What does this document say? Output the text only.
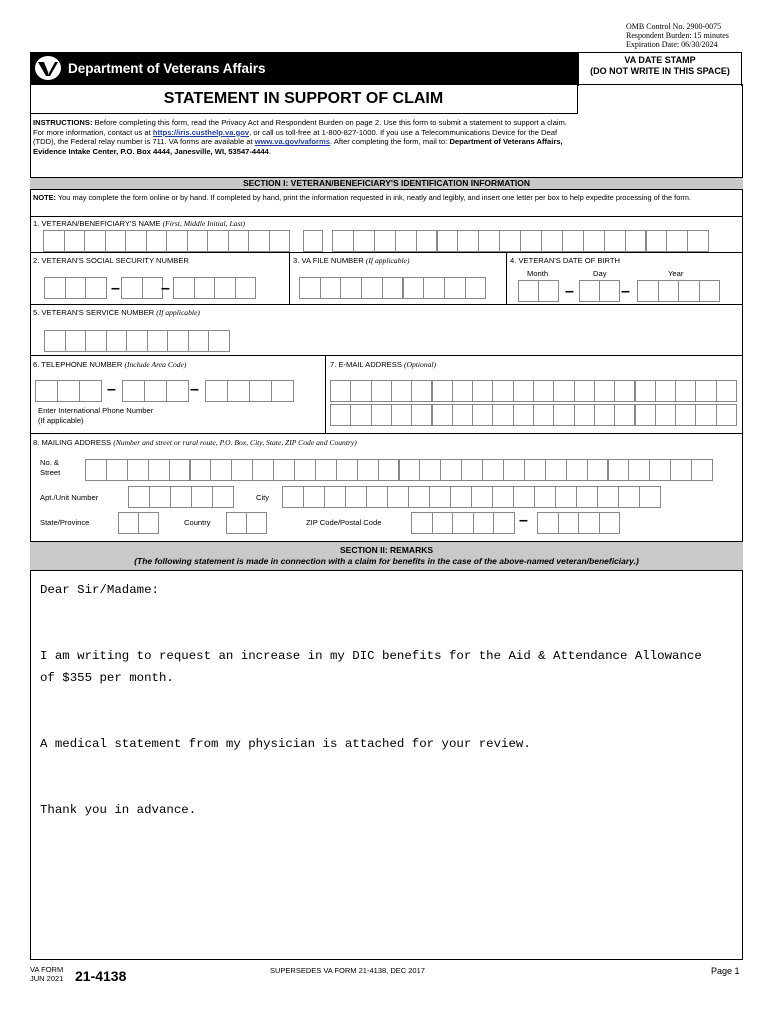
OMB Control No. 2900-0075
Respondent Burden: 15 minutes
Expiration Date: 06/30/2024
Department of Veterans Affairs
VA DATE STAMP
(DO NOT WRITE IN THIS SPACE)
STATEMENT IN SUPPORT OF CLAIM
INSTRUCTIONS: Before completing this form, read the Privacy Act and Respondent Burden on page 2. Use this form to submit a statement to support a claim. For more information, contact us at https://iris.custhelp.va.gov, or call us toll-free at 1-800-827-1000. If you use a Telecommunications Device for the Deaf (TDD), the Federal relay number is 711. VA forms are available at www.va.gov/vaforms. After completing the form, mail to: Department of Veterans Affairs, Evidence Intake Center, P.O. Box 4444, Janesville, WI, 53547-4444.
SECTION I: VETERAN/BENEFICIARY'S IDENTIFICATION INFORMATION
NOTE: You may complete the form online or by hand. If completed by hand, print the information requested in ink, neatly and legibly, and insert one letter per box to help expedite processing of the form.
1. VETERAN/BENEFICIARY'S NAME (First, Middle Initial, Last)
2. VETERAN'S SOCIAL SECURITY NUMBER	3. VA FILE NUMBER (If applicable)	4. VETERAN'S DATE OF BIRTH
Month	Day	Year
–	–	–	–
5. VETERAN'S SERVICE NUMBER (If applicable)
6. TELEPHONE NUMBER (Include Area Code)	7. E-MAIL ADDRESS (Optional)
–	–
Enter International Phone Number
(If applicable)
8. MAILING ADDRESS (Number and street or rural route, P.O. Box, City, State, ZIP Code and Country)
No. &
Street
Apt./Unit Number	City
State/Province	Country	ZIP Code/Postal Code	–
SECTION II: REMARKS
(The following statement is made in connection with a claim for benefits in the case of the above-named veteran/beneficiary.)
Dear Sir/Madame:

I am writing to request an increase in my DIC benefits for the Aid & Attendance Allowance
of $355 per month.

A medical statement from my physician is attached for your review.

Thank you in advance.
VA FORM
JUN 2021 21-4138	SUPERSEDES VA FORM 21-4138, DEC 2017	Page 1
